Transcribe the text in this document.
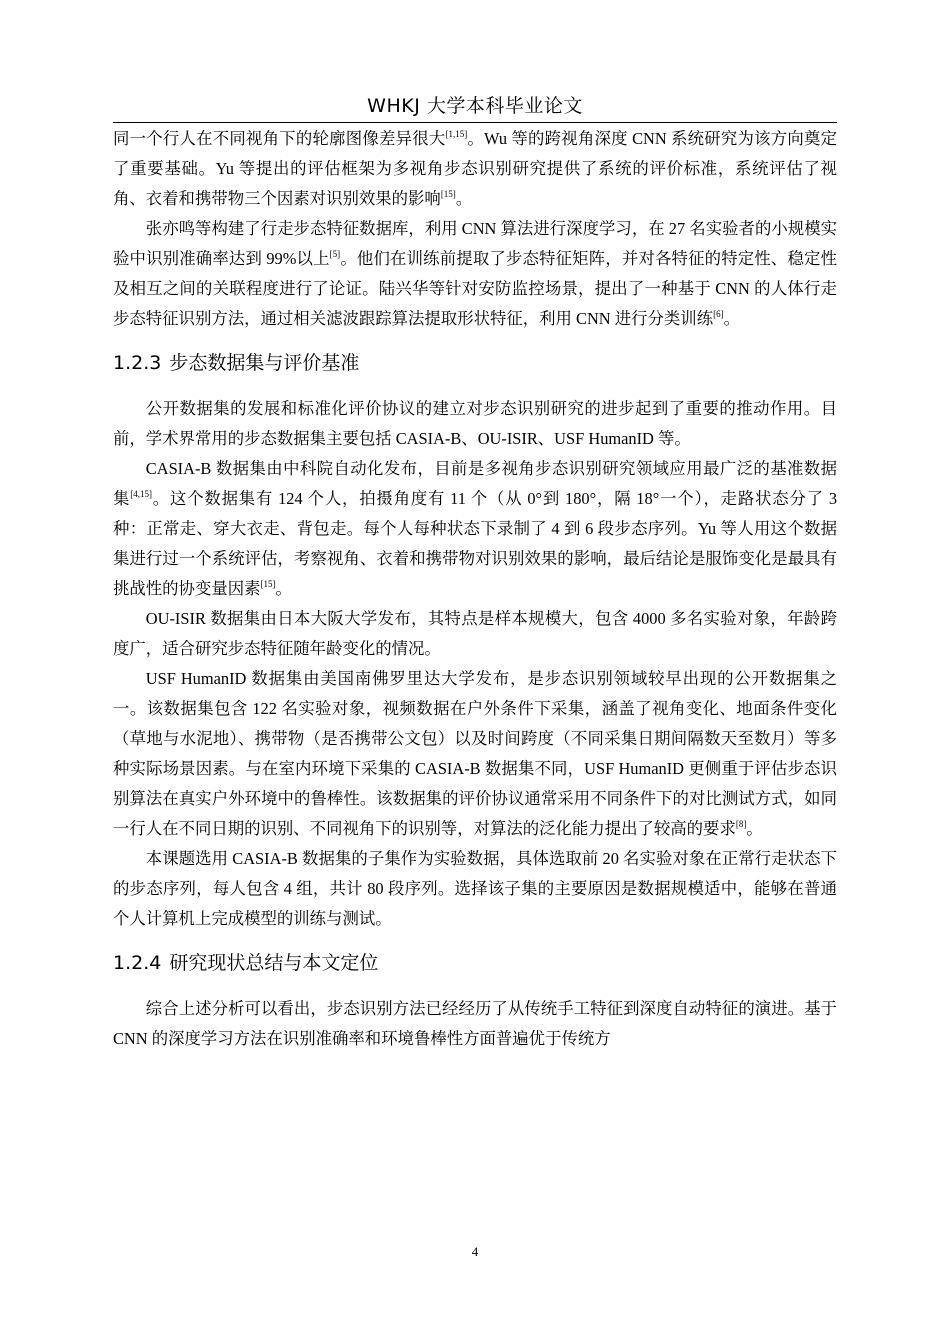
WHKJ 大学本科毕业论文

同一个行人在不同视角下的轮廓图像差异很大[1,15]。Wu 等的跨视角深度 CNN 系统研究为该方向奠定了重要基础。Yu 等提出的评估框架为多视角步态识别研究提供了系统的评价标准，系统评估了视角、衣着和携带物三个因素对识别效果的影响[15]。

张亦鸣等构建了行走步态特征数据库，利用 CNN 算法进行深度学习，在 27 名实验者的小规模实验中识别准确率达到 99%以上[5]。他们在训练前提取了步态特征矩阵，并对各特征的特定性、稳定性及相互之间的关联程度进行了论证。陆兴华等针对安防监控场景，提出了一种基于 CNN 的人体行走步态特征识别方法，通过相关滤波跟踪算法提取形状特征，利用 CNN 进行分类训练[6]。

1.2.3 步态数据集与评价基准

公开数据集的发展和标准化评价协议的建立对步态识别研究的进步起到了重要的推动作用。目前，学术界常用的步态数据集主要包括 CASIA-B、OU-ISIR、USF HumanID 等。

CASIA-B 数据集由中科院自动化发布，目前是多视角步态识别研究领域应用最广泛的基准数据集[4,15]。这个数据集有 124 个人，拍摄角度有 11 个（从 0°到 180°，隔 18°一个），走路状态分了 3 种：正常走、穿大衣走、背包走。每个人每种状态下录制了 4 到 6 段步态序列。Yu 等人用这个数据集进行过一个系统评估，考察视角、衣着和携带物对识别效果的影响，最后结论是服饰变化是最具有挑战性的协变量因素[15]。

OU-ISIR 数据集由日本大阪大学发布，其特点是样本规模大，包含 4000 多名实验对象，年龄跨度广，适合研究步态特征随年龄变化的情况。

USF HumanID 数据集由美国南佛罗里达大学发布，是步态识别领域较早出现的公开数据集之一。该数据集包含 122 名实验对象，视频数据在户外条件下采集，涵盖了视角变化、地面条件变化（草地与水泥地）、携带物（是否携带公文包）以及时间跨度（不同采集日期间隔数天至数月）等多种实际场景因素。与在室内环境下采集的 CASIA-B 数据集不同，USF HumanID 更侧重于评估步态识别算法在真实户外环境中的鲁棒性。该数据集的评价协议通常采用不同条件下的对比测试方式，如同一行人在不同日期的识别、不同视角下的识别等，对算法的泛化能力提出了较高的要求[8]。

本课题选用 CASIA-B 数据集的子集作为实验数据，具体选取前 20 名实验对象在正常行走状态下的步态序列，每人包含 4 组，共计 80 段序列。选择该子集的主要原因是数据规模适中，能够在普通个人计算机上完成模型的训练与测试。

1.2.4 研究现状总结与本文定位

综合上述分析可以看出，步态识别方法已经经历了从传统手工特征到深度自动特征的演进。基于 CNN 的深度学习方法在识别准确率和环境鲁棒性方面普遍优于传统方

4
